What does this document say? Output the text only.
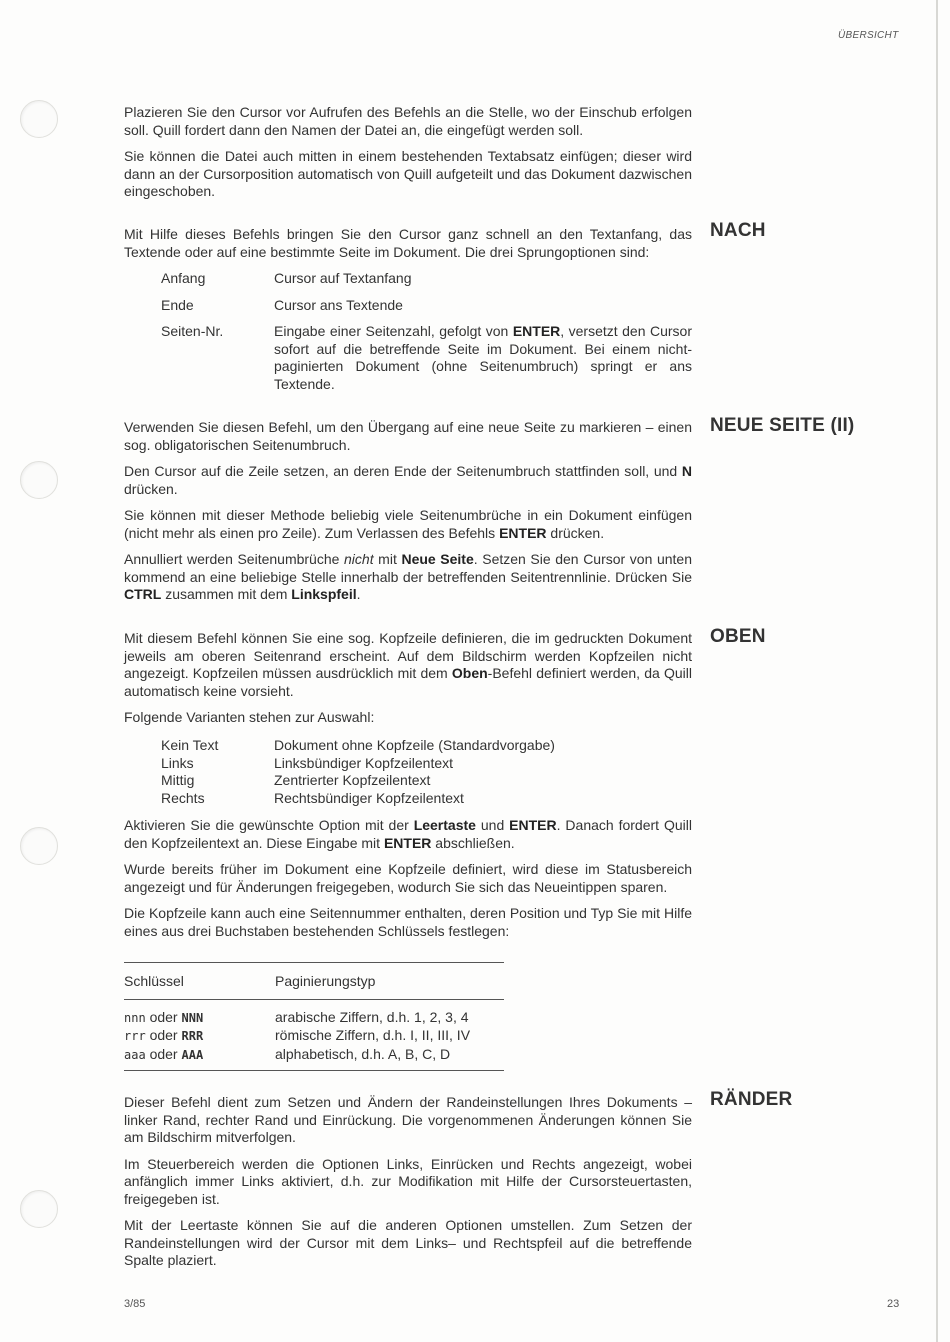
ÜBERSICHT

Plazieren Sie den Cursor vor Aufrufen des Befehls an die Stelle, wo der Einschub erfolgen soll. Quill fordert dann den Namen der Datei an, die eingefügt werden soll.

Sie können die Datei auch mitten in einem bestehenden Textabsatz einfügen; dieser wird dann an der Cursorposition automatisch von Quill aufgeteilt und das Dokument dazwischen eingeschoben.

NACH

Mit Hilfe dieses Befehls bringen Sie den Cursor ganz schnell an den Textanfang, das Textende oder auf eine bestimmte Seite im Dokument. Die drei Sprungoptionen sind:

Anfang	Cursor auf Textanfang
Ende	Cursor ans Textende
Seiten-Nr.	Eingabe einer Seitenzahl, gefolgt von ENTER, versetzt den Cursor sofort auf die betreffende Seite im Dokument. Bei einem nicht-paginierten Dokument (ohne Seitenumbruch) springt er ans Textende.
NEUE SEITE (II)

Verwenden Sie diesen Befehl, um den Übergang auf eine neue Seite zu markieren – einen sog. obligatorischen Seitenumbruch.

Den Cursor auf die Zeile setzen, an deren Ende der Seitenumbruch stattfinden soll, und N drücken.

Sie können mit dieser Methode beliebig viele Seitenumbrüche in ein Dokument einfügen (nicht mehr als einen pro Zeile). Zum Verlassen des Befehls ENTER drücken.

Annulliert werden Seitenumbrüche nicht mit Neue Seite. Setzen Sie den Cursor von unten kommend an eine beliebige Stelle innerhalb der betreffenden Seitentrennlinie. Drücken Sie CTRL zusammen mit dem Linkspfeil.

OBEN

Mit diesem Befehl können Sie eine sog. Kopfzeile definieren, die im gedruckten Dokument jeweils am oberen Seitenrand erscheint. Auf dem Bildschirm werden Kopfzeilen nicht angezeigt. Kopfzeilen müssen ausdrücklich mit dem Oben-Befehl definiert werden, da Quill automatisch keine vorsieht.

Folgende Varianten stehen zur Auswahl:

Kein Text	Dokument ohne Kopfzeile (Standardvorgabe)
Links	Linksbündiger Kopfzeilentext
Mittig	Zentrierter Kopfzeilentext
Rechts	Rechtsbündiger Kopfzeilentext

Aktivieren Sie die gewünschte Option mit der Leertaste und ENTER. Danach fordert Quill den Kopfzeilentext an. Diese Eingabe mit ENTER abschließen.

Wurde bereits früher im Dokument eine Kopfzeile definiert, wird diese im Statusbereich angezeigt und für Änderungen freigegeben, wodurch Sie sich das Neueintippen sparen.

Die Kopfzeile kann auch eine Seitennummer enthalten, deren Position und Typ Sie mit Hilfe eines aus drei Buchstaben bestehenden Schlüssels festlegen:

Schlüssel	Paginierungstyp
nnn oder NNN	arabische Ziffern, d.h. 1, 2, 3, 4
rrr oder RRR	römische Ziffern, d.h. I, II, III, IV
aaa oder AAA	alphabetisch, d.h. A, B, C, D
RÄNDER

Dieser Befehl dient zum Setzen und Ändern der Randeinstellungen Ihres Dokuments – linker Rand, rechter Rand und Einrückung. Die vorgenommenen Änderungen können Sie am Bildschirm mitverfolgen.

Im Steuerbereich werden die Optionen Links, Einrücken und Rechts angezeigt, wobei anfänglich immer Links aktiviert, d.h. zur Modifikation mit Hilfe der Cursorsteuertasten, freigegeben ist.

Mit der Leertaste können Sie auf die anderen Optionen umstellen. Zum Setzen der Randeinstellungen wird der Cursor mit dem Links– und Rechtspfeil auf die betreffende Spalte plaziert.

3/85	23
